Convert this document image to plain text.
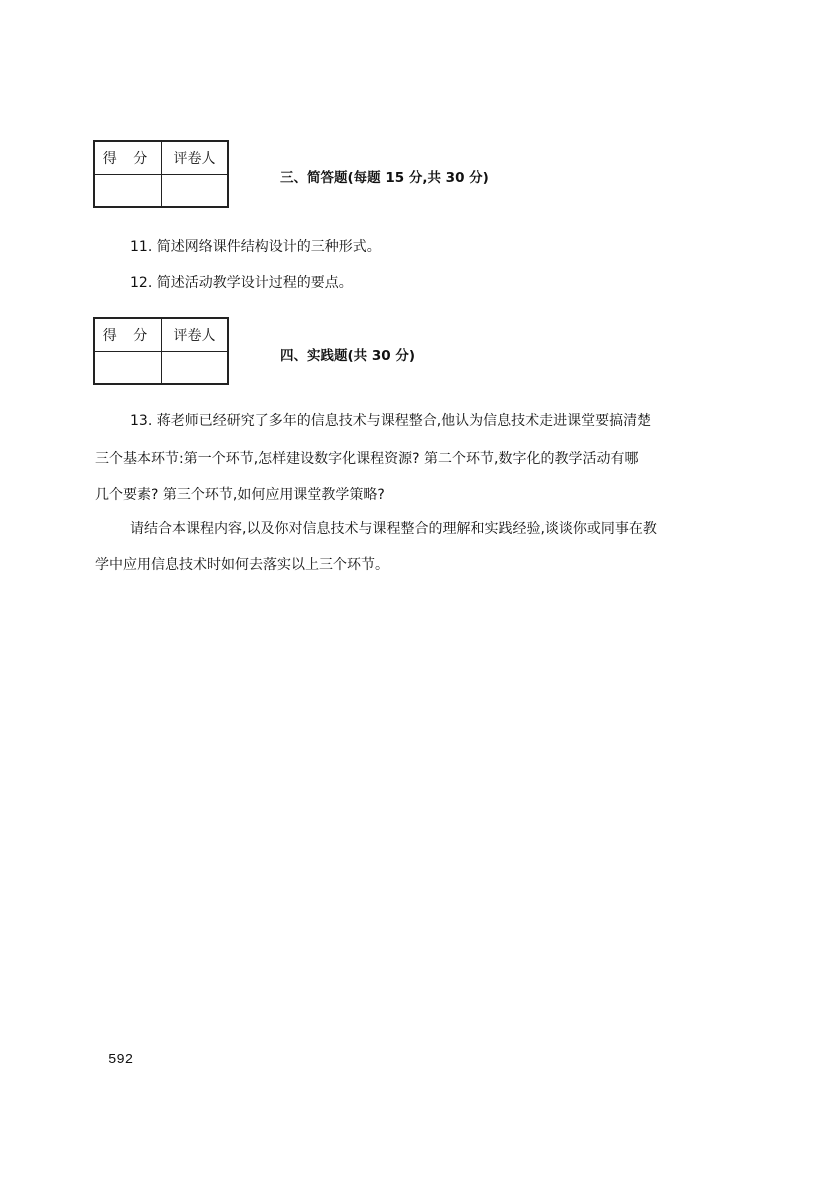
得 分	评卷人

三、简答题(每题 15 分,共 30 分)
11. 简述网络课件结构设计的三种形式。
12. 简述活动教学设计过程的要点。
得 分	评卷人

四、实践题(共 30 分)
13. 蒋老师已经研究了多年的信息技术与课程整合,他认为信息技术走进课堂要搞清楚
三个基本环节:第一个环节,怎样建设数字化课程资源? 第二个环节,数字化的教学活动有哪
几个要素? 第三个环节,如何应用课堂教学策略?
请结合本课程内容,以及你对信息技术与课程整合的理解和实践经验,谈谈你或同事在教
学中应用信息技术时如何去落实以上三个环节。
592
